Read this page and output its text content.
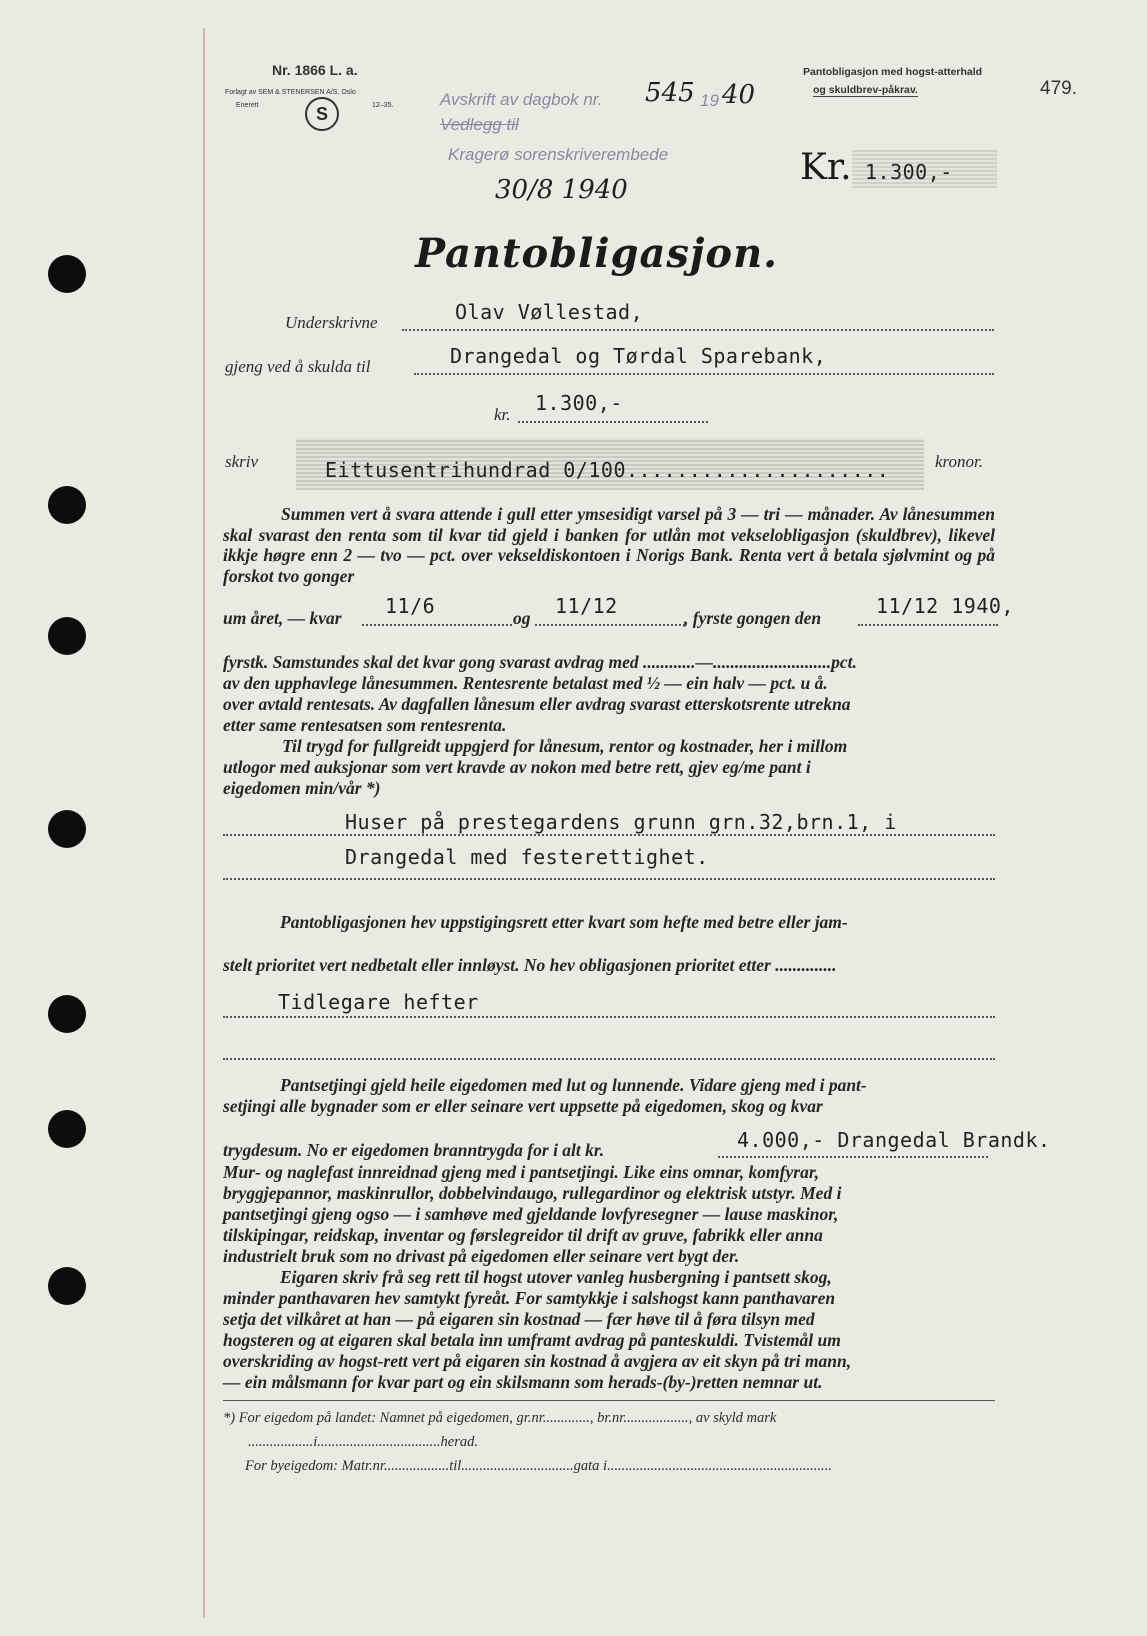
Nr. 1866 L. a.
Forlagt av SEM & STENERSEN A/S, Oslo
Enerett	12–35.
S
Pantobligasjon med hogst-atterhald
og skuldbrev-påkrav.	479.
Avskrift av dagbok nr. 545 19 40
Vedlegg til
Kragerø sorenskriverembede
30/8 1940
Kr. 1.300,-
Pantobligasjon.
Underskrivne	Olav Vøllestad,
gjeng ved å skulda til	Drangedal og Tørdal Sparebank,
kr. 1.300,-
skriv	Eittusentrihundrad 0/100.....................	kronor.
Summen vert å svara attende i gull etter ymsesidigt varsel på 3 — tri — månader. Av lånesummen skal svarast den renta som til kvar tid gjeld i banken for utlån mot vekselobligasjon (skuldbrev), likevel ikkje høgre enn 2 — tvo — pct. over vekseldiskontoen i Norigs Bank. Renta vert å betala sjølvmint og på forskot tvo gonger
um året, — kvar 11/6	og 11/12	, fyrste gongen den	11/12 1940,
fyrstk. Samstundes skal det kvar gong svarast avdrag med ............—...........................pct.
av den upphavlege lånesummen. Rentesrente betalast med ½ — ein halv — pct. u å.
over avtald rentesats. Av dagfallen lånesum eller avdrag svarast etterskotsrente utrekna
etter same rentesatsen som rentesrenta.
Til trygd for fullgreidt uppgjerd for lånesum, rentor og kostnader, her i millom
utlogor med auksjonar som vert kravde av nokon med betre rett, gjev eg/me pant i
eigedomen min/vår *)
Huser på prestegardens grunn grn.32,brn.1, i
Drangedal med festerettighet.
Pantobligasjonen hev uppstigingsrett etter kvart som hefte med betre eller jam-
stelt prioritet vert nedbetalt eller innløyst. No hev obligasjonen prioritet etter ..............
Tidlegare hefter
Pantsetjingi gjeld heile eigedomen med lut og lunnende. Vidare gjeng med i pant-
setjingi alle bygnader som er eller seinare vert uppsette på eigedomen, skog og kvar
trygdesum. No er eigedomen branntrygda for i alt kr.	4.000,- Drangedal Brandk.
Mur- og naglefast innreidnad gjeng med i pantsetjingi. Like eins omnar, komfyrar,
bryggjepannor, maskinrullor, dobbelvindaugo, rullegardinor og elektrisk utstyr. Med i
pantsetjingi gjeng ogso — i samhøve med gjeldande lovfyresegner — lause maskinor,
tilskipingar, reidskap, inventar og førslegreidor til drift av gruve, fabrikk eller anna
industrielt bruk som no drivast på eigedomen eller seinare vert bygt der.
Eigaren skriv frå seg rett til hogst utover vanleg husbergning i pantsett skog,
minder panthavaren hev samtykt fyreåt. For samtykkje i salshogst kann panthavaren
setja det vilkåret at han — på eigaren sin kostnad — fær høve til å føra tilsyn med
hogsteren og at eigaren skal betala inn umframt avdrag på panteskuldi. Tvistemål um
overskriding av hogst-rett vert på eigaren sin kostnad å avgjera av eit skyn på tri mann,
— ein målsmann for kvar part og ein skilsmann som herads-(by-)retten nemnar ut.
*) For eigedom på landet: Namnet på eigedomen, gr.nr............., br.nr.................., av skyld mark
..................i..................................herad.
For byeigedom: Matr.nr..................til...............................gata i..............................................................
